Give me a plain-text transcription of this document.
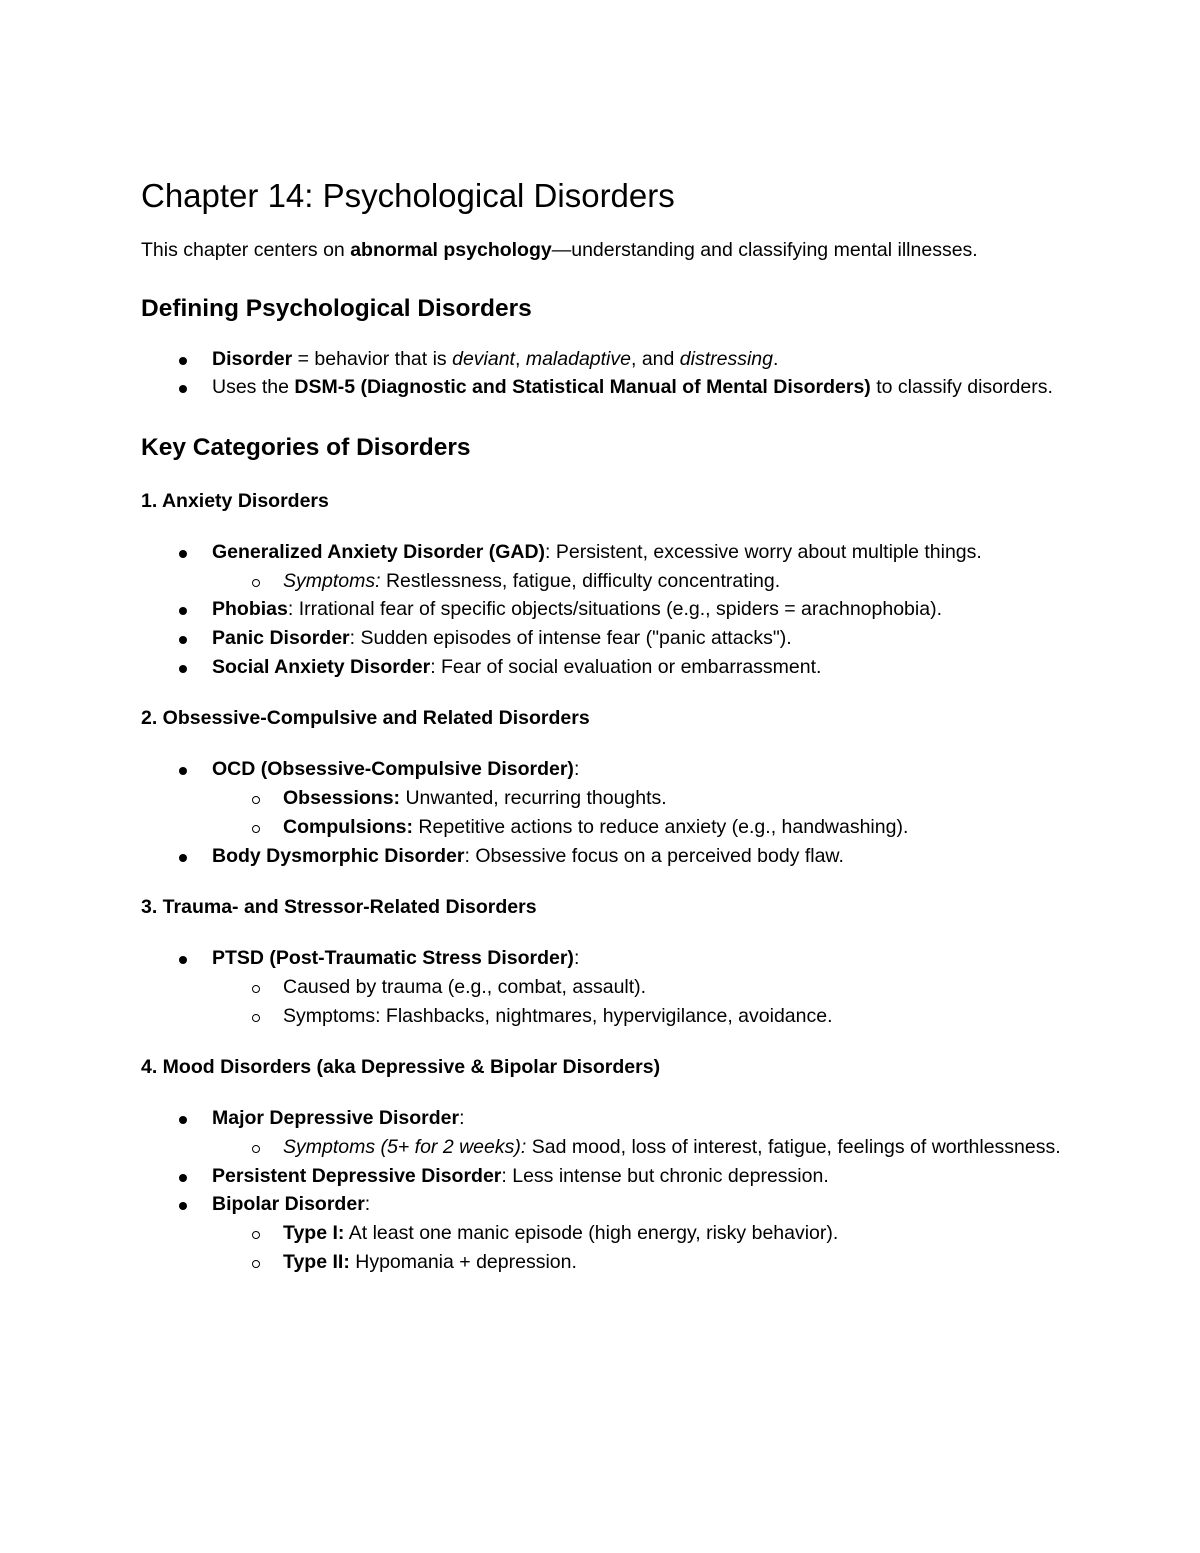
Chapter 14: Psychological Disorders

This chapter centers on abnormal psychology—understanding and classifying mental illnesses.

Defining Psychological Disorders
Disorder = behavior that is deviant, maladaptive, and distressing.
Uses the DSM-5 (Diagnostic and Statistical Manual of Mental Disorders) to classify disorders.
Key Categories of Disorders
1. Anxiety Disorders
Generalized Anxiety Disorder (GAD): Persistent, excessive worry about multiple things.
Symptoms: Restlessness, fatigue, difficulty concentrating.
Phobias: Irrational fear of specific objects/situations (e.g., spiders = arachnophobia).
Panic Disorder: Sudden episodes of intense fear ("panic attacks").
Social Anxiety Disorder: Fear of social evaluation or embarrassment.
2. Obsessive-Compulsive and Related Disorders
OCD (Obsessive-Compulsive Disorder):
Obsessions: Unwanted, recurring thoughts.
Compulsions: Repetitive actions to reduce anxiety (e.g., handwashing).
Body Dysmorphic Disorder: Obsessive focus on a perceived body flaw.
3. Trauma- and Stressor-Related Disorders
PTSD (Post-Traumatic Stress Disorder):
Caused by trauma (e.g., combat, assault).
Symptoms: Flashbacks, nightmares, hypervigilance, avoidance.
4. Mood Disorders (aka Depressive & Bipolar Disorders)
Major Depressive Disorder:
Symptoms (5+ for 2 weeks): Sad mood, loss of interest, fatigue, feelings of worthlessness.
Persistent Depressive Disorder: Less intense but chronic depression.
Bipolar Disorder:
Type I: At least one manic episode (high energy, risky behavior).
Type II: Hypomania + depression.
